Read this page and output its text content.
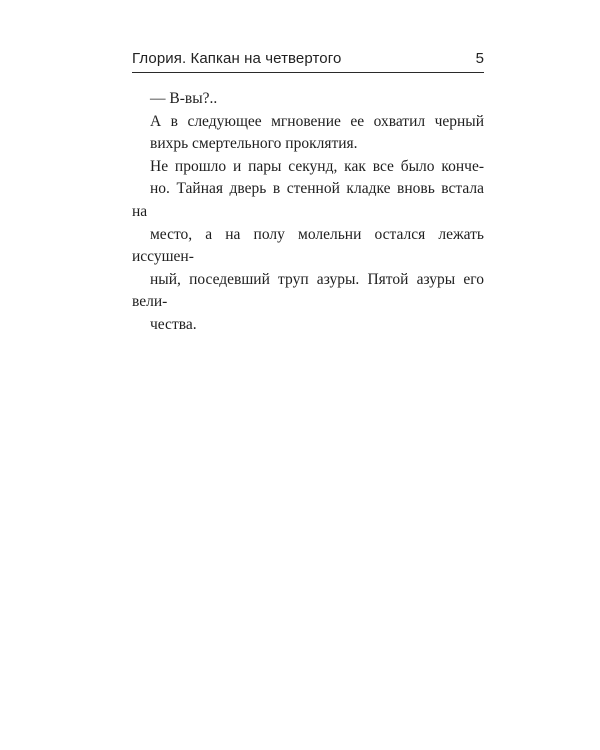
Глория. Капкан на четвертого	5

— В-вы?..

А в следующее мгновение ее охватил черный
вихрь смертельного проклятия.

Не прошло и пары секунд, как все было конче-
но. Тайная дверь в стенной кладке вновь встала на
место, а на полу молельни остался лежать иссушен-
ный, поседевший труп азуры. Пятой азуры его вели-
чества.
